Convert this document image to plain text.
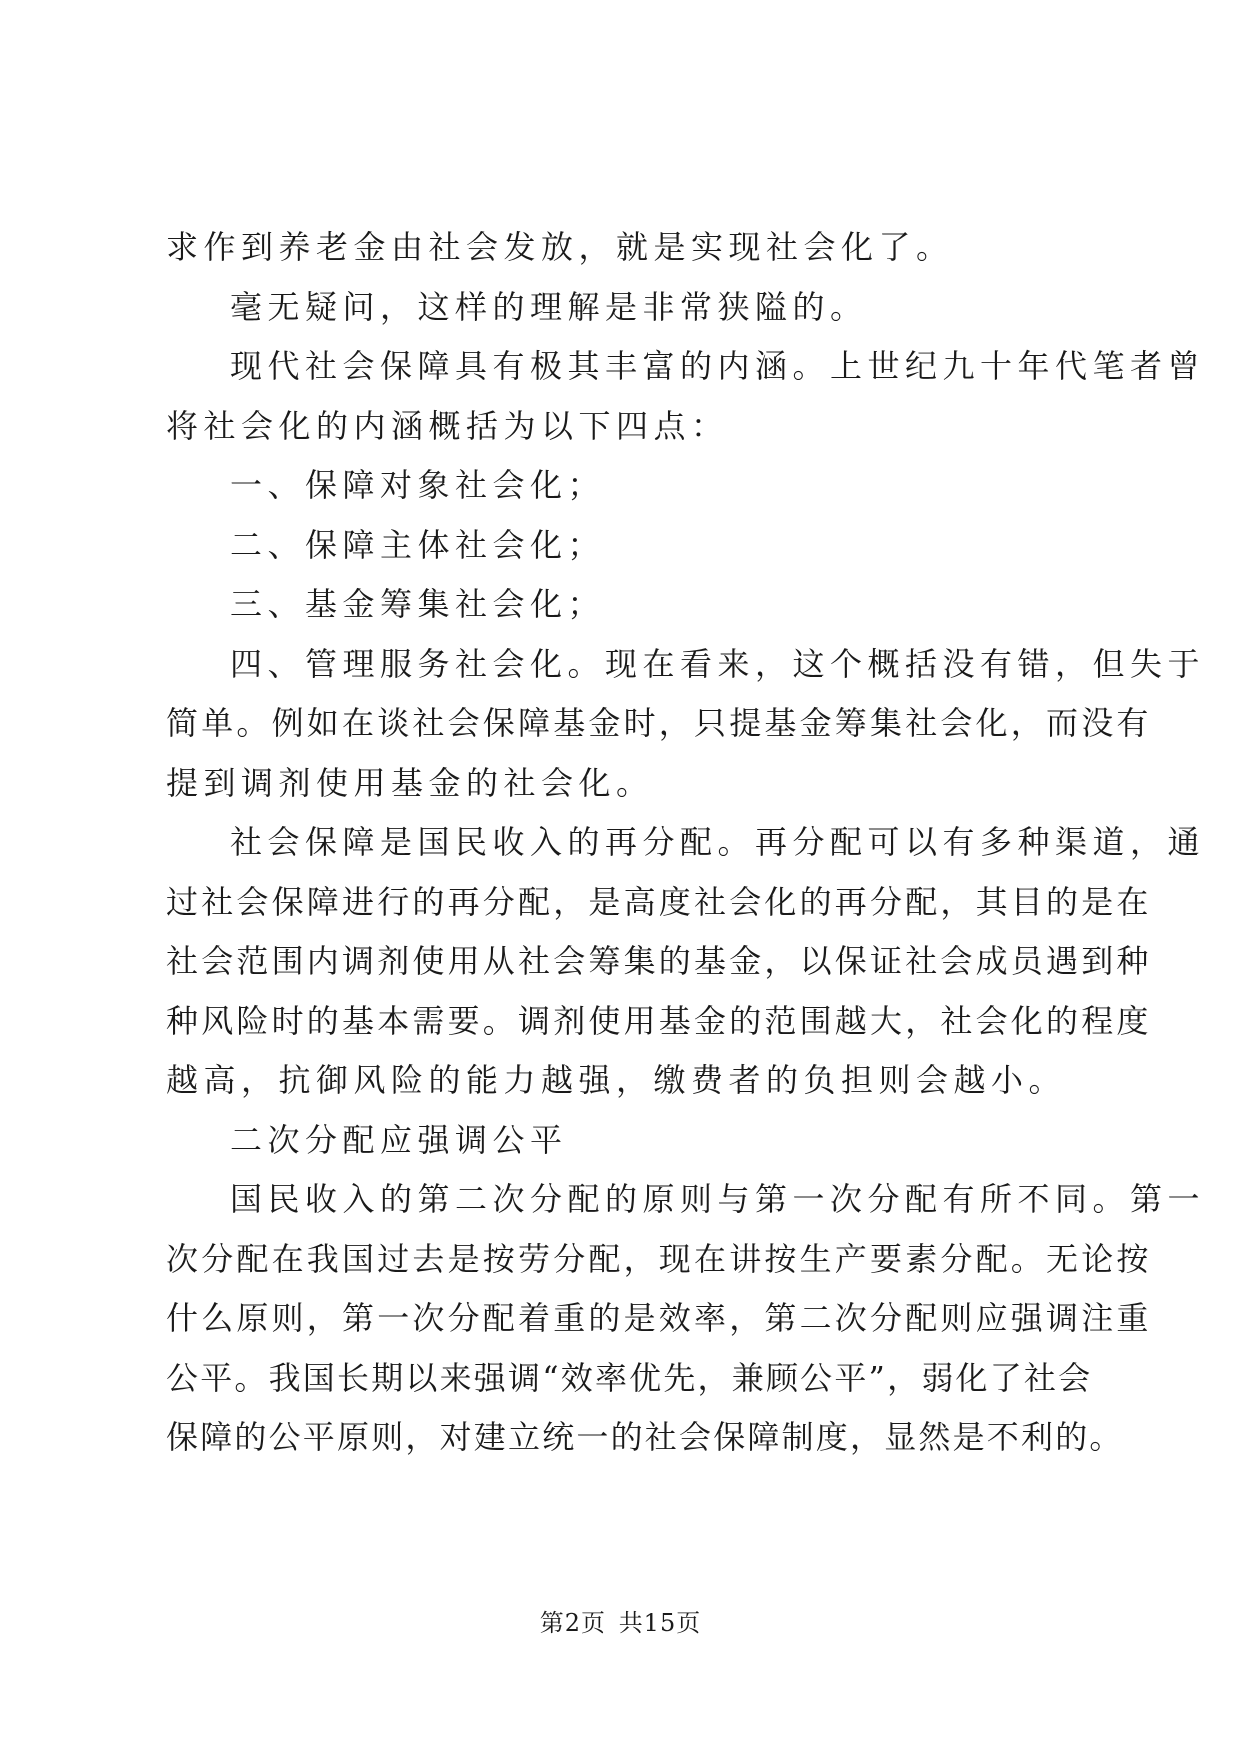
求作到养老金由社会发放，就是实现社会化了。
毫无疑问，这样的理解是非常狭隘的。
现代社会保障具有极其丰富的内涵。上世纪九十年代笔者曾
将社会化的内涵概括为以下四点：
一、保障对象社会化；
二、保障主体社会化；
三、基金筹集社会化；
四、管理服务社会化。现在看来，这个概括没有错，但失于
简单。例如在谈社会保障基金时，只提基金筹集社会化，而没有
提到调剂使用基金的社会化。
社会保障是国民收入的再分配。再分配可以有多种渠道，通
过社会保障进行的再分配，是高度社会化的再分配，其目的是在
社会范围内调剂使用从社会筹集的基金，以保证社会成员遇到种
种风险时的基本需要。调剂使用基金的范围越大，社会化的程度
越高，抗御风险的能力越强，缴费者的负担则会越小。
二次分配应强调公平
国民收入的第二次分配的原则与第一次分配有所不同。第一
次分配在我国过去是按劳分配，现在讲按生产要素分配。无论按
什么原则，第一次分配着重的是效率，第二次分配则应强调注重
公平。我国长期以来强调“效率优先，兼顾公平”，弱化了社会
保障的公平原则，对建立统一的社会保障制度，显然是不利的。
第2页 共15页
